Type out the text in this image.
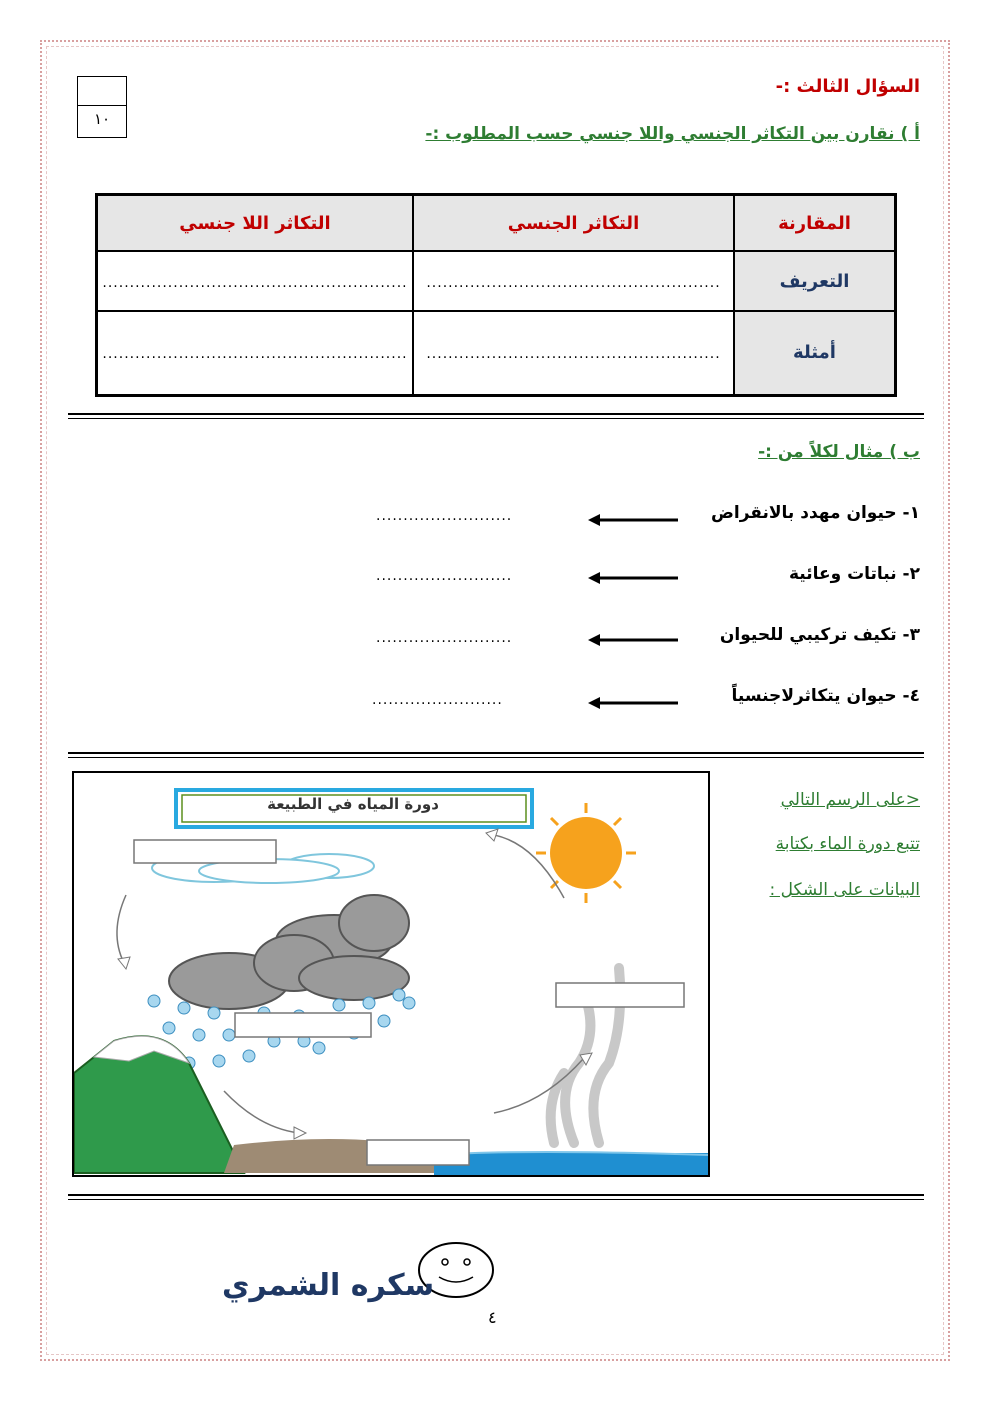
السؤال الثالث :-
١٠
أ ) نقارن بين التكاثر الجنسي واللا جنسي حسب المطلوب :-
المقارنة	التكاثر الجنسي	التكاثر اللا جنسي
التعريف	......................................................	........................................................
أمثلة	......................................................	........................................................
ب ) مثال لكلاً من :-
١- حيوان مهدد بالانقراض
.........................
٢- نباتات وعائية
.........................
٣- تكيف تركيبي للحيوان
.........................
٤- حيوان يتكاثرلاجنسياً
........................
<على الرسم التالي
تتبع دورة الماء بكتابة
البيانات على الشكل :
دورة المياه في الطبيعة
سكره الشمري
٤
